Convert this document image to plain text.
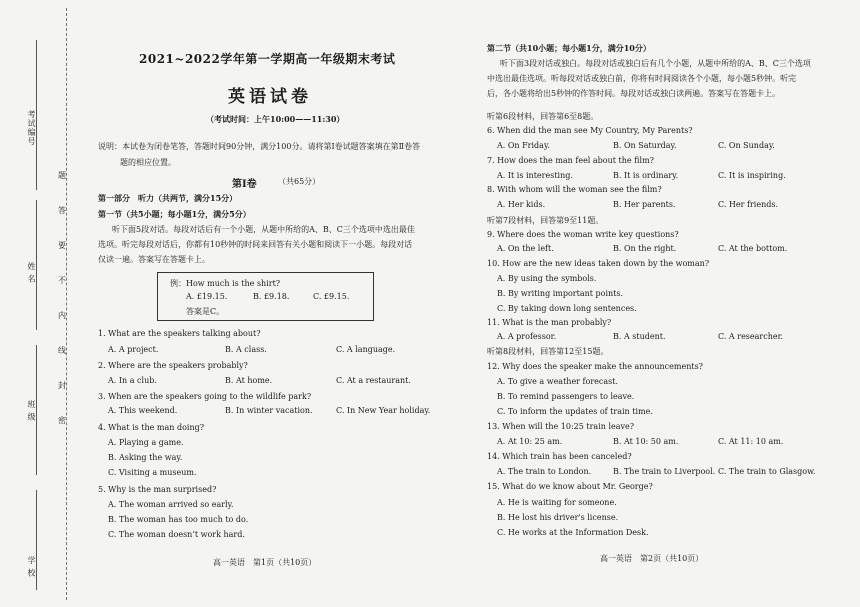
考试编号
姓 名
班 级
学 校
题
答
要
不
内
线
封
密
2021~2022学年第一学期高一年级期末考试
英语试卷
（考试时间：上午10:00——11:30）
说明：本试卷为闭卷笔答，答题时间90分钟，满分100分。请将第Ⅰ卷试题答案填在第Ⅱ卷答
题的相应位置。
第Ⅰ卷	（共65分）
第一部分　听力（共两节，满分15分）
第一节（共5小题；每小题1分，满分5分）
听下面5段对话。每段对话后有一个小题，从题中所给的A、B、C三个选项中选出最佳
选项。听完每段对话后，你都有10秒钟的时间来回答有关小题和阅读下一小题。每段对话
仅读一遍。答案写在答题卡上。
例：How much is the shirt?
A. £19.15.	B. £9.18.	C. £9.15.
答案是C。
1. What are the speakers talking about?
A. A project.	B. A class.	C. A language.
2. Where are the speakers probably?
A. In a club.	B. At home.	C. At a restaurant.
3. When are the speakers going to the wildlife park?
A. This weekend.	B. In winter vacation.	C. In New Year holiday.
4. What is the man doing?
A. Playing a game.
B. Asking the way.
C. Visiting a museum.
5. Why is the man surprised?
A. The woman arrived so early.
B. The woman has too much to do.
C. The woman doesn’t work hard.
高一英语　第1页（共10页）
第二节（共10小题；每小题1分，满分10分）
听下面3段对话或独白。每段对话或独白后有几个小题，从题中所给的A、B、C三个选项
中选出最佳选项。听每段对话或独白前，你将有时间阅读各个小题，每小题5秒钟。听完
后，各小题将给出5秒钟的作答时间。每段对话或独白读两遍。答案写在答题卡上。
听第6段材料，回答第6至8题。
6. When did the man see My Country, My Parents?
A. On Friday.	B. On Saturday.	C. On Sunday.
7. How does the man feel about the film?
A. It is interesting.	B. It is ordinary.	C. It is inspiring.
8. With whom will the woman see the film?
A. Her kids.	B. Her parents.	C. Her friends.
听第7段材料，回答第9至11题。
9. Where does the woman write key questions?
A. On the left.	B. On the right.	C. At the bottom.
10. How are the new ideas taken down by the woman?
A. By using the symbols.
B. By writing important points.
C. By taking down long sentences.
11. What is the man probably?
A. A professor.	B. A student.	C. A researcher.
听第8段材料，回答第12至15题。
12. Why does the speaker make the announcements?
A. To give a weather forecast.
B. To remind passengers to leave.
C. To inform the updates of train time.
13. When will the 10:25 train leave?
A. At 10: 25 am.	B. At 10: 50 am.	C. At 11: 10 am.
14. Which train has been canceled?
A. The train to London.	B. The train to Liverpool. C. The train to Glasgow.
15. What do we know about Mr. George?
A. He is waiting for someone.
B. He lost his driver's license.
C. He works at the Information Desk.
高一英语　第2页（共10页）
